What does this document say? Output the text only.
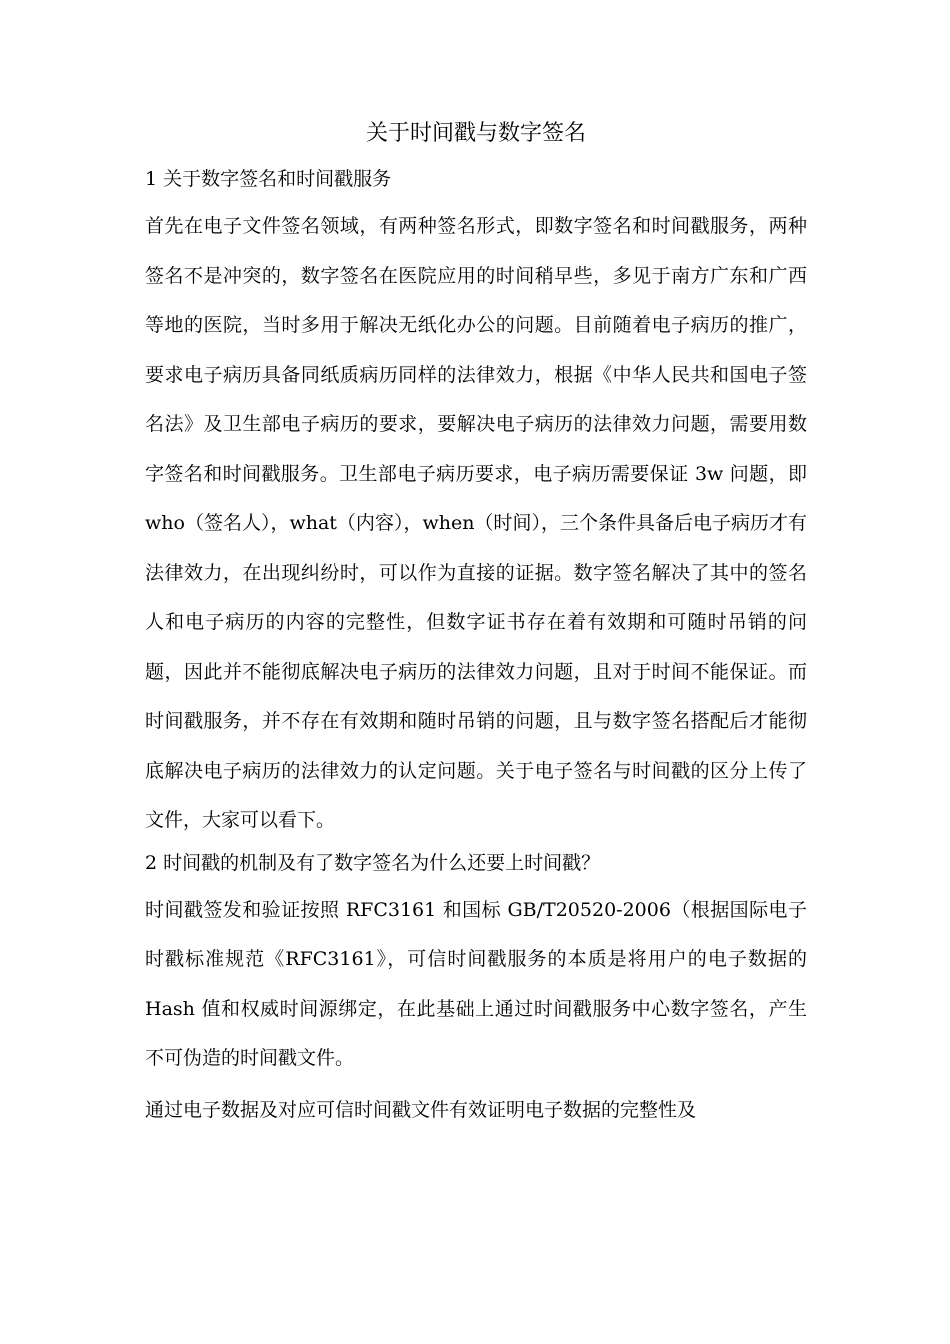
关于时间戳与数字签名
1 关于数字签名和时间戳服务

首先在电子文件签名领域，有两种签名形式，即数字签名和时间戳服务，两种签名不是冲突的，数字签名在医院应用的时间稍早些，多见于南方广东和广西等地的医院，当时多用于解决无纸化办公的问题。目前随着电子病历的推广，要求电子病历具备同纸质病历同样的法律效力，根据《中华人民共和国电子签名法》及卫生部电子病历的要求，要解决电子病历的法律效力问题，需要用数字签名和时间戳服务。卫生部电子病历要求，电子病历需要保证 3w 问题，即 who（签名人），what（内容），when（时间），三个条件具备后电子病历才有法律效力，在出现纠纷时，可以作为直接的证据。数字签名解决了其中的签名人和电子病历的内容的完整性，但数字证书存在着有效期和可随时吊销的问题，因此并不能彻底解决电子病历的法律效力问题，且对于时间不能保证。而时间戳服务，并不存在有效期和随时吊销的问题，且与数字签名搭配后才能彻底解决电子病历的法律效力的认定问题。关于电子签名与时间戳的区分上传了文件，大家可以看下。

2 时间戳的机制及有了数字签名为什么还要上时间戳？

时间戳签发和验证按照 RFC3161 和国标 GB/T20520-2006（根据国际电子时戳标准规范《RFC3161》，可信时间戳服务的本质是将用户的电子数据的 Hash 值和权威时间源绑定，在此基础上通过时间戳服务中心数字签名，产生不可伪造的时间戳文件。

通过电子数据及对应可信时间戳文件有效证明电子数据的完整性及
